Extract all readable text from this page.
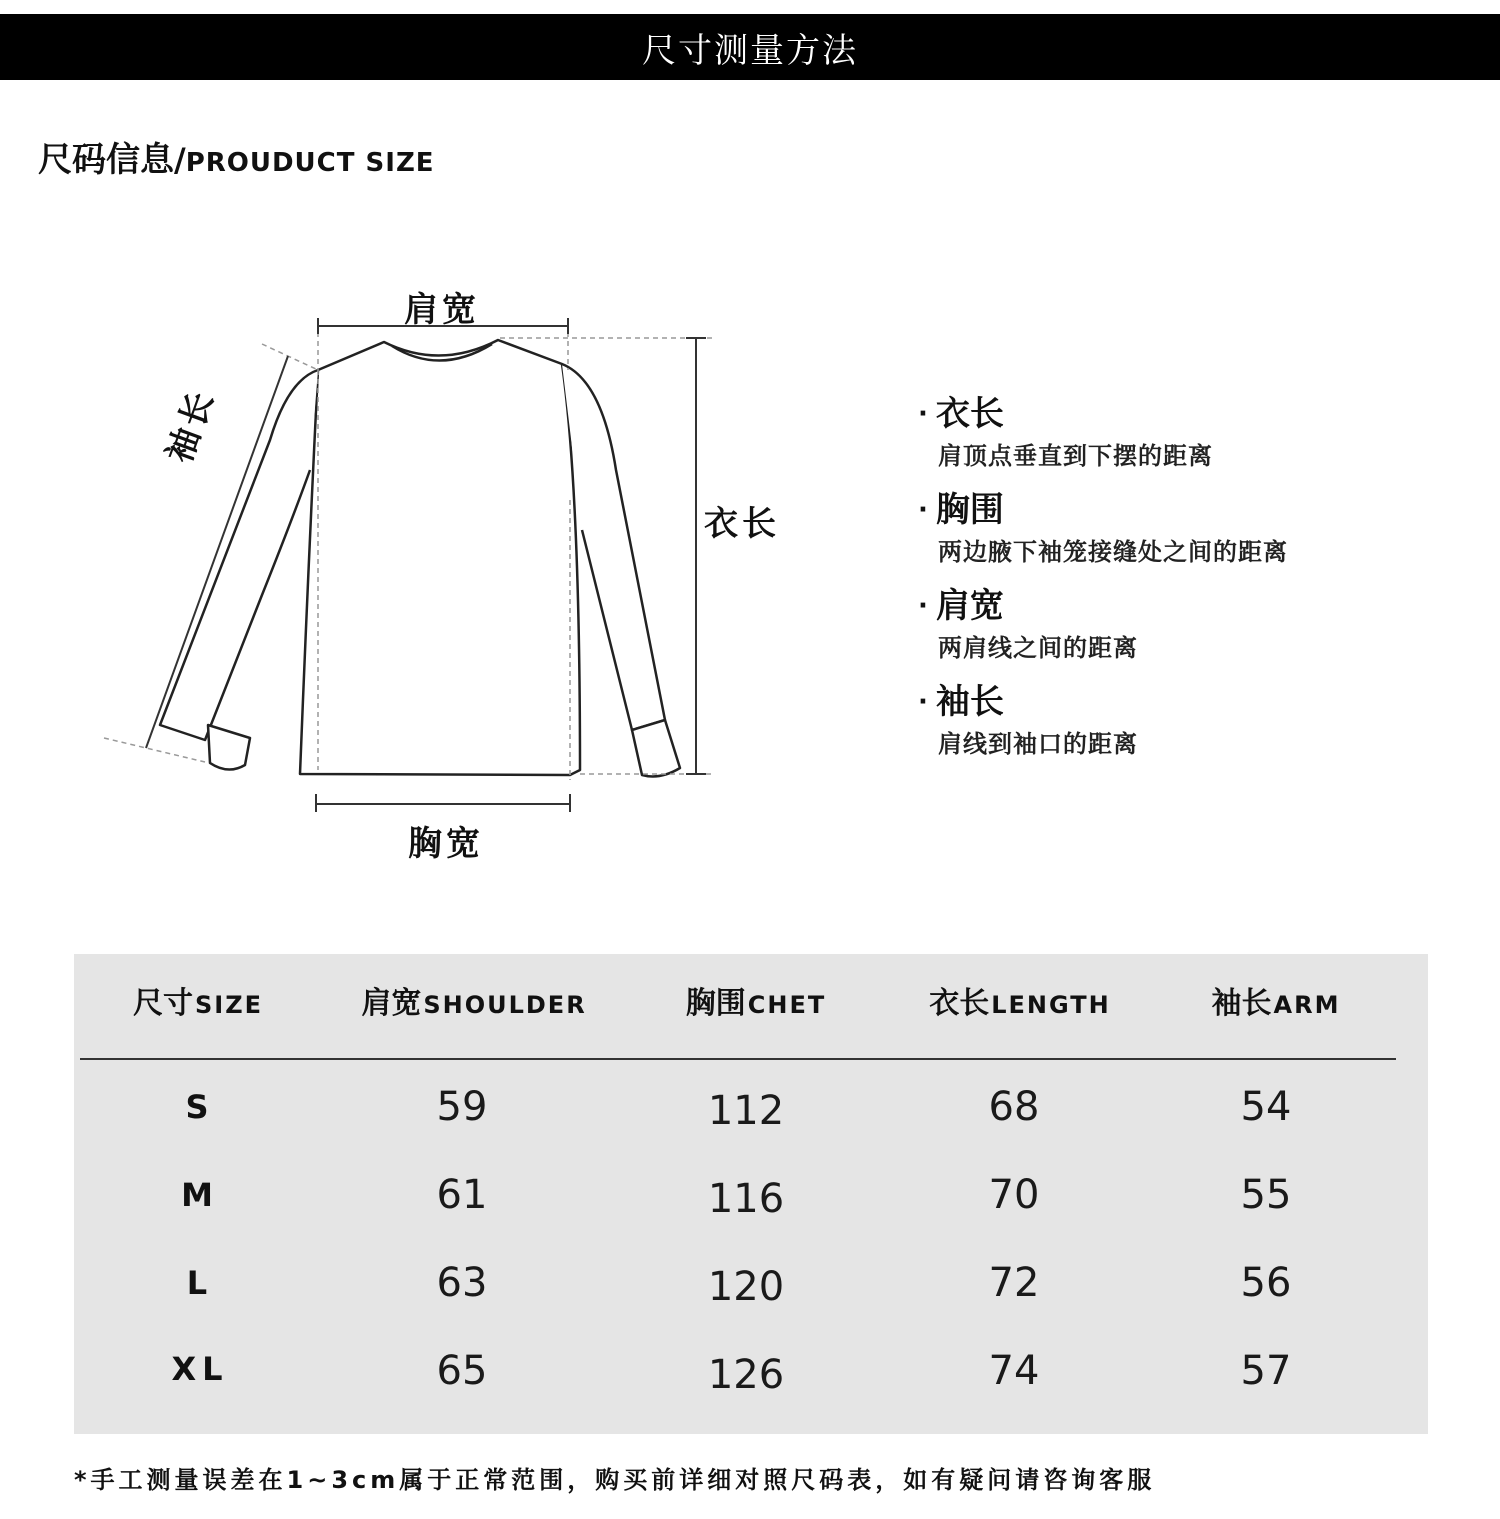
尺寸测量方法
尺码信息 / PROUDUCT SIZE
肩宽
胸宽
衣长
袖长	· 衣长
肩顶点垂直到下摆的距离
· 胸围
两边腋下袖笼接缝处之间的距离
· 肩宽
两肩线之间的距离
· 袖长
肩线到袖口的距离
尺寸 SIZE	肩宽 SHOULDER	胸围 CHET	衣长 LENGTH	袖长 ARM
S	59	112	68	54
M	61	116	70	55
L	63	120	72	56
XL	65	126	74	57
*手工测量误差在1~3cm属于正常范围，购买前详细对照尺码表，如有疑问请咨询客服
